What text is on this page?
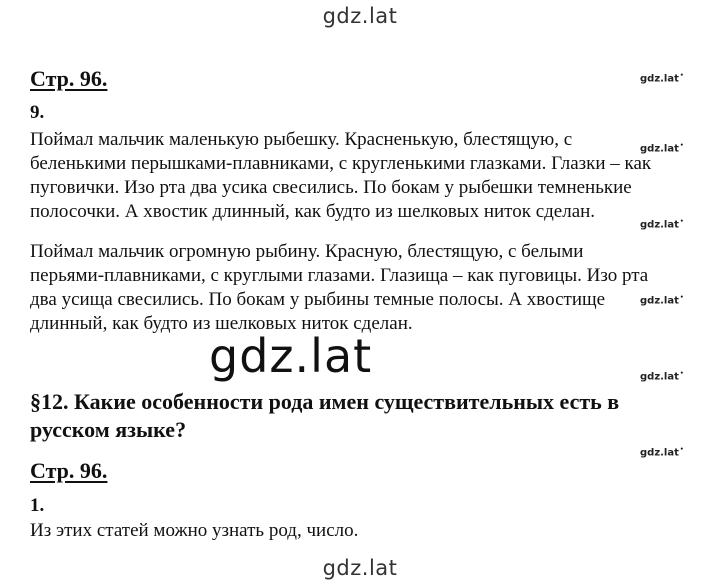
gdz.lat
Стр. 96.	gdz.lat •
9.
Поймал мальчик маленькую рыбешку. Красненькую, блестящую, с
беленькими перышками-плавниками, с кругленькими глазками. Глазки – как
пуговички. Изо рта два усика свесились. По бокам у рыбешки темненькие
полосочки. А хвостик длинный, как будто из шелковых ниток сделан.
gdz.lat •
gdz.lat •
Поймал мальчик огромную рыбину. Красную, блестящую, с белыми
перьями-плавниками, с круглыми глазами. Глазища – как пуговицы. Изо рта
два усища свесились. По бокам у рыбины темные полосы. А хвостище
длинный, как будто из шелковых ниток сделан.
gdz.lat •
gdz.lat	gdz.lat •
§12. Какие особенности рода имен существительных есть в
русском языке?
gdz.lat •
Стр. 96.
1.
Из этих статей можно узнать род, число.
gdz.lat
